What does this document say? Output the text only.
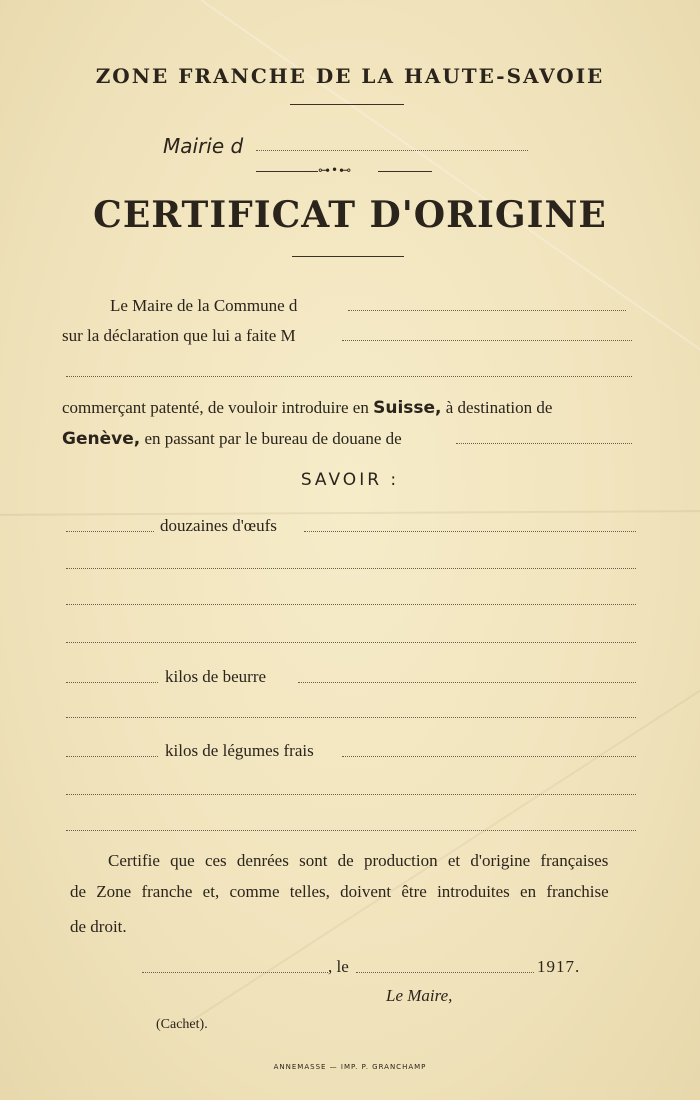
ZONE FRANCHE DE LA HAUTE-SAVOIE
Mairie d
⊶•⊷
CERTIFICAT D'ORIGINE
Le Maire de la Commune d
sur la déclaration que lui a faite M
commerçant patenté, de vouloir introduire en Suisse, à destination de
Genève, en passant par le bureau de douane de
SAVOIR :
douzaines d'œufs
kilos de beurre
kilos de légumes frais
Certifie que ces denrées sont de production et d'origine françaises
de Zone franche et, comme telles, doivent être introduites en franchise
de droit.
, le	1917.
Le Maire,
(Cachet).
ANNEMASSE — IMP. P. GRANCHAMP
